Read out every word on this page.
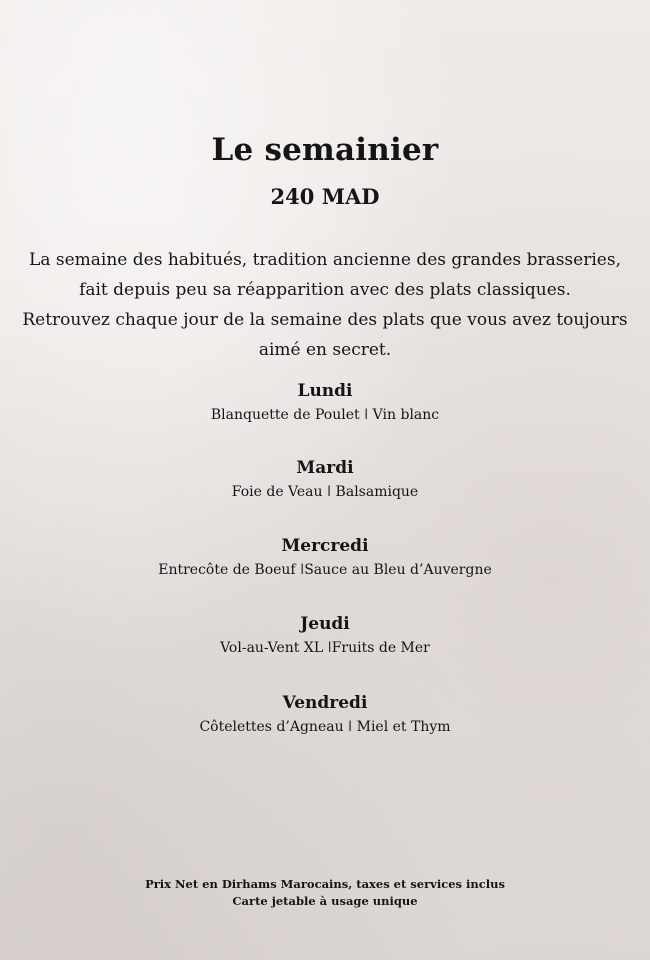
Le semainier
240 MAD
La semaine des habitués, tradition ancienne des grandes brasseries,
fait depuis peu sa réapparition avec des plats classiques.
Retrouvez chaque jour de la semaine des plats que vous avez toujours
aimé en secret.
Lundi
Blanquette de Poulet ǀ Vin blanc
Mardi
Foie de Veau ǀ Balsamique
Mercredi
Entrecôte de Boeuf ǀSauce au Bleu d’Auvergne
Jeudi
Vol-au-Vent XL ǀFruits de Mer
Vendredi
Côtelettes d’Agneau ǀ Miel et Thym
Prix Net en Dirhams Marocains, taxes et services inclus
Carte jetable à usage unique
